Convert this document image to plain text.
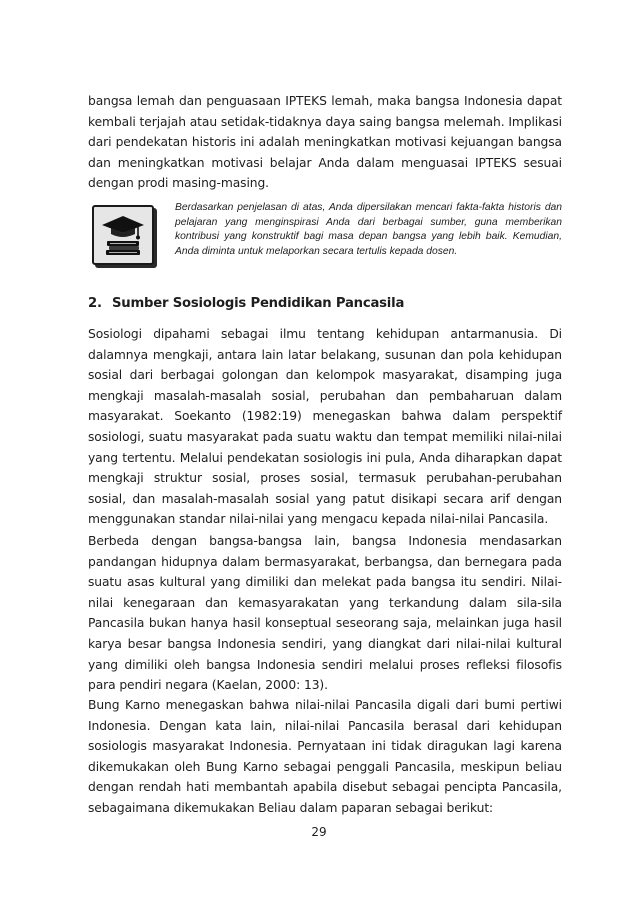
bangsa lemah dan penguasaan IPTEKS lemah, maka bangsa Indonesia dapat kembali terjajah atau setidak-tidaknya daya saing bangsa melemah. Implikasi dari pendekatan historis ini adalah meningkatkan motivasi kejuangan bangsa dan meningkatkan motivasi belajar Anda dalam menguasai IPTEKS sesuai dengan prodi masing-masing.

Berdasarkan penjelasan di atas, Anda dipersilakan mencari fakta-fakta historis dan pelajaran yang menginspirasi Anda dari berbagai sumber, guna memberikan kontribusi yang konstruktif bagi masa depan bangsa yang lebih baik. Kemudian, Anda diminta untuk melaporkan secara tertulis kepada dosen.

2. Sumber Sosiologis Pendidikan Pancasila

Sosiologi dipahami sebagai ilmu tentang kehidupan antarmanusia. Di dalamnya mengkaji, antara lain latar belakang, susunan dan pola kehidupan sosial dari berbagai golongan dan kelompok masyarakat, disamping juga mengkaji masalah-masalah sosial, perubahan dan pembaharuan dalam masyarakat. Soekanto (1982:19) menegaskan bahwa dalam perspektif sosiologi, suatu masyarakat pada suatu waktu dan tempat memiliki nilai-nilai yang tertentu. Melalui pendekatan sosiologis ini pula, Anda diharapkan dapat mengkaji struktur sosial, proses sosial, termasuk perubahan-perubahan sosial, dan masalah-masalah sosial yang patut disikapi secara arif dengan menggunakan standar nilai-nilai yang mengacu kepada nilai-nilai Pancasila.

Berbeda dengan bangsa-bangsa lain, bangsa Indonesia mendasarkan pandangan hidupnya dalam bermasyarakat, berbangsa, dan bernegara pada suatu asas kultural yang dimiliki dan melekat pada bangsa itu sendiri. Nilai-nilai kenegaraan dan kemasyarakatan yang terkandung dalam sila-sila Pancasila bukan hanya hasil konseptual seseorang saja, melainkan juga hasil karya besar bangsa Indonesia sendiri, yang diangkat dari nilai-nilai kultural yang dimiliki oleh bangsa Indonesia sendiri melalui proses refleksi filosofis para pendiri negara (Kaelan, 2000: 13).

Bung Karno menegaskan bahwa nilai-nilai Pancasila digali dari bumi pertiwi Indonesia. Dengan kata lain, nilai-nilai Pancasila berasal dari kehidupan sosiologis masyarakat Indonesia. Pernyataan ini tidak diragukan lagi karena dikemukakan oleh Bung Karno sebagai penggali Pancasila, meskipun beliau dengan rendah hati membantah apabila disebut sebagai pencipta Pancasila, sebagaimana dikemukakan Beliau dalam paparan sebagai berikut:

29
